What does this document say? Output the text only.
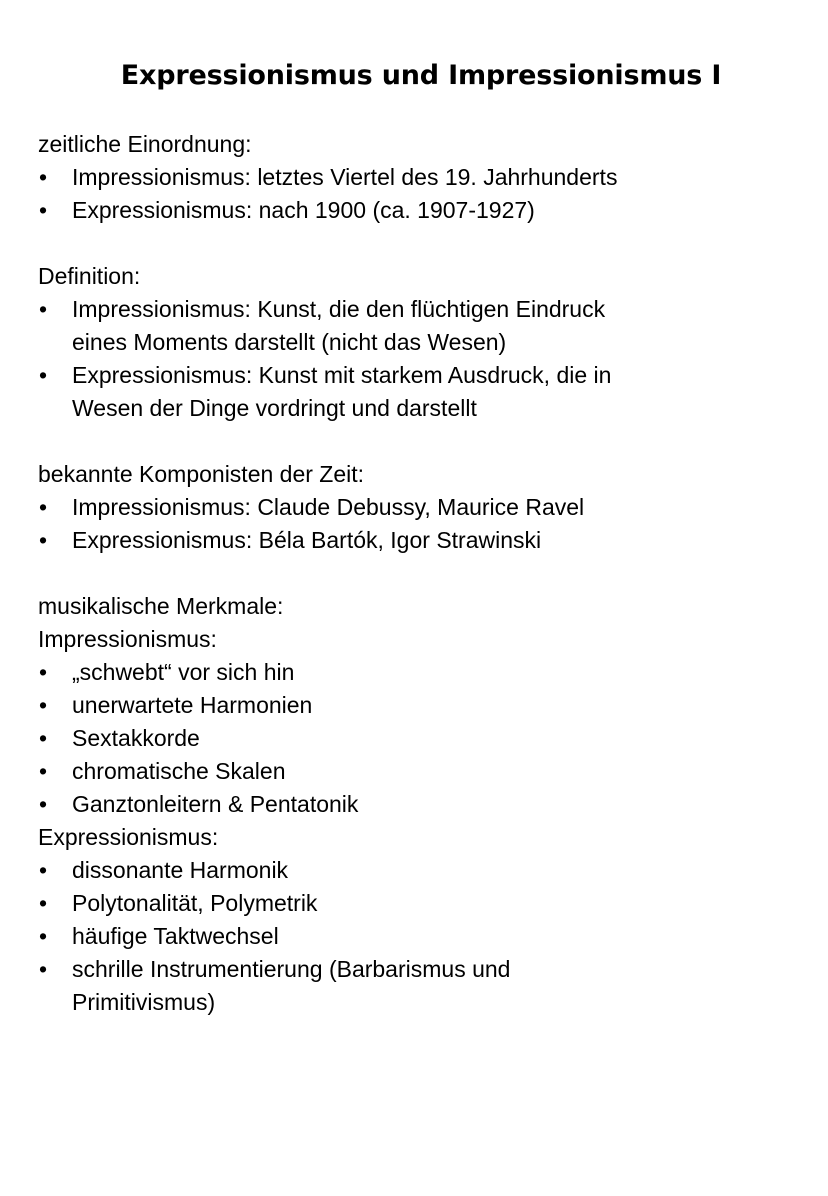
Expressionismus und Impressionismus I

zeitliche Einordnung:

•	Impressionismus: letztes Viertel des 19. Jahrhunderts
•	Expressionismus: nach 1900 (ca. 1907-1927)

Definition:

•	Impressionismus: Kunst, die den flüchtigen Eindruck eines Moments darstellt (nicht das Wesen)
•	Expressionismus: Kunst mit starkem Ausdruck, die in Wesen der Dinge vordringt und darstellt

bekannte Komponisten der Zeit:

•	Impressionismus: Claude Debussy, Maurice Ravel
•	Expressionismus: Béla Bartók, Igor Strawinski

musikalische Merkmale:

Impressionismus:

•	„schwebt“ vor sich hin
•	unerwartete Harmonien
•	Sextakkorde
•	chromatische Skalen
•	Ganztonleitern & Pentatonik

Expressionismus:

•	dissonante Harmonik
•	Polytonalität, Polymetrik
•	häufige Taktwechsel
•	schrille Instrumentierung (Barbarismus und Primitivismus)
